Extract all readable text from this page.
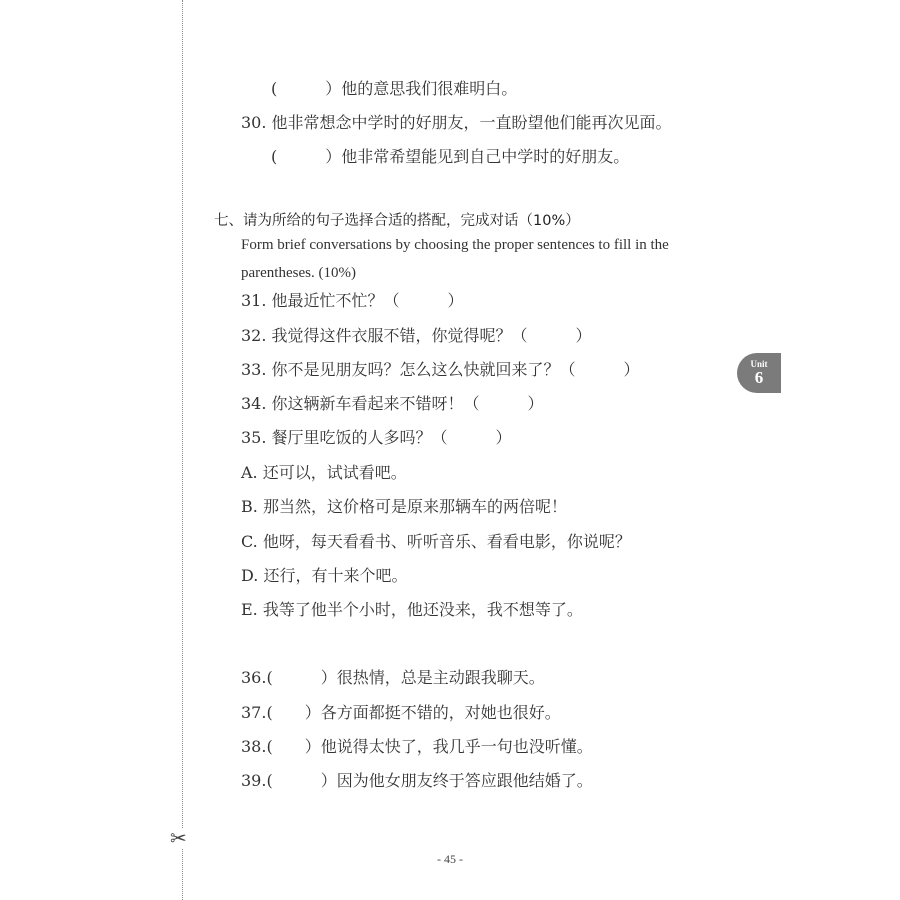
✂
(　　　）他的意思我们很难明白。
30. 他非常想念中学时的好朋友，一直盼望他们能再次见面。
(　　　）他非常希望能见到自己中学时的好朋友。
七、请为所给的句子选择合适的搭配，完成对话（10%）
Form brief conversations by choosing the proper sentences to fill in the
parentheses. (10%)
31. 他最近忙不忙？（　　　）
32. 我觉得这件衣服不错，你觉得呢？（　　　）
33. 你不是见朋友吗？怎么这么快就回来了？（　　　）
34. 你这辆新车看起来不错呀！（　　　）
35. 餐厅里吃饭的人多吗？（　　　）
A. 还可以，试试看吧。
B. 那当然，这价格可是原来那辆车的两倍呢！
C. 他呀，每天看看书、听听音乐、看看电影，你说呢？
D. 还行，有十来个吧。
E. 我等了他半个小时，他还没来，我不想等了。
36.(　　　）很热情，总是主动跟我聊天。
37.(　　）各方面都挺不错的，对她也很好。
38.(　　）他说得太快了，我几乎一句也没听懂。
39.(　　　）因为他女朋友终于答应跟他结婚了。
Unit
6
- 45 -
